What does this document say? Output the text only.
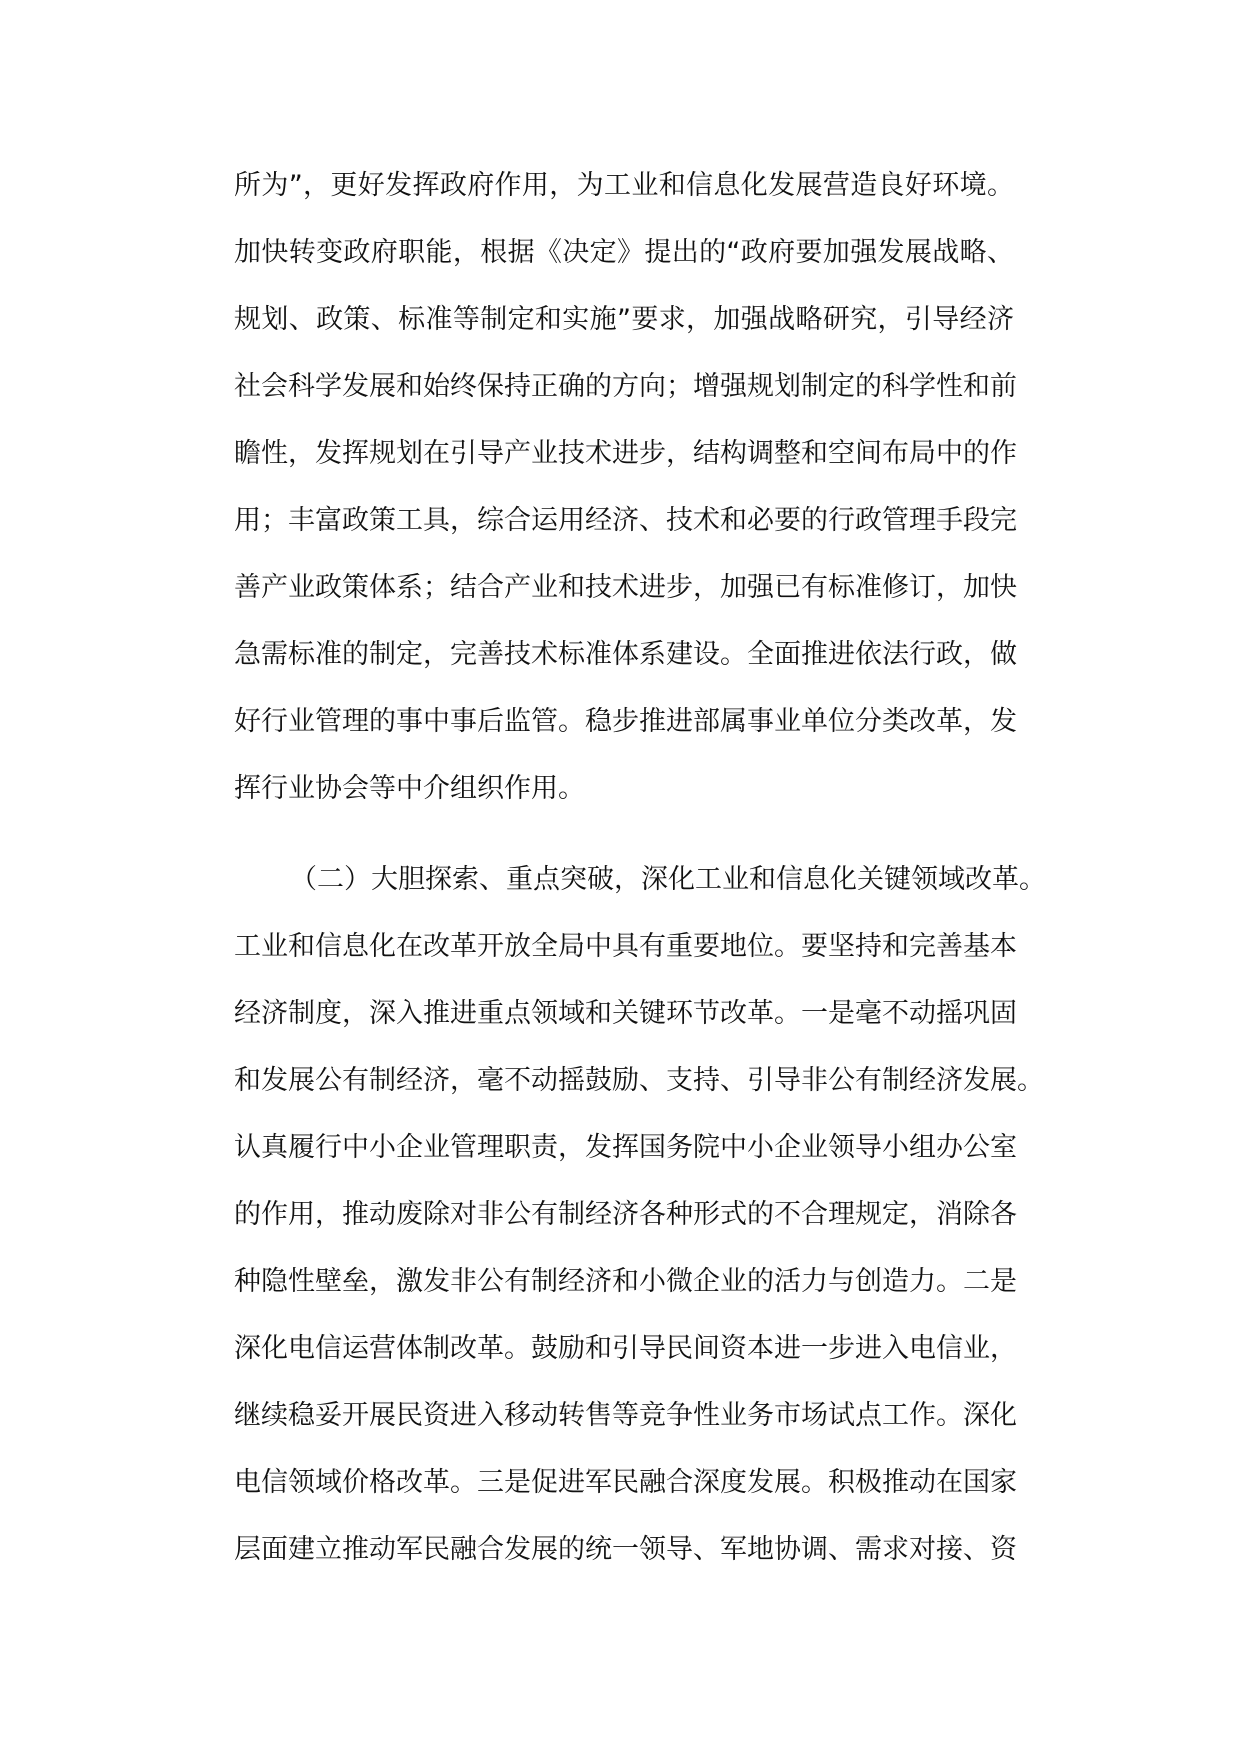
所为”，更好发挥政府作用，为工业和信息化发展营造良好环境。
加快转变政府职能，根据《决定》提出的“政府要加强发展战略、
规划、政策、标准等制定和实施”要求，加强战略研究，引导经济
社会科学发展和始终保持正确的方向；增强规划制定的科学性和前
瞻性，发挥规划在引导产业技术进步，结构调整和空间布局中的作
用；丰富政策工具，综合运用经济、技术和必要的行政管理手段完
善产业政策体系；结合产业和技术进步，加强已有标准修订，加快
急需标准的制定，完善技术标准体系建设。全面推进依法行政，做
好行业管理的事中事后监管。稳步推进部属事业单位分类改革，发
挥行业协会等中介组织作用。
（二）大胆探索、重点突破，深化工业和信息化关键领域改革。
工业和信息化在改革开放全局中具有重要地位。要坚持和完善基本
经济制度，深入推进重点领域和关键环节改革。一是毫不动摇巩固
和发展公有制经济，毫不动摇鼓励、支持、引导非公有制经济发展。
认真履行中小企业管理职责，发挥国务院中小企业领导小组办公室
的作用，推动废除对非公有制经济各种形式的不合理规定，消除各
种隐性壁垒，激发非公有制经济和小微企业的活力与创造力。二是
深化电信运营体制改革。鼓励和引导民间资本进一步进入电信业，
继续稳妥开展民资进入移动转售等竞争性业务市场试点工作。深化
电信领域价格改革。三是促进军民融合深度发展。积极推动在国家
层面建立推动军民融合发展的统一领导、军地协调、需求对接、资
